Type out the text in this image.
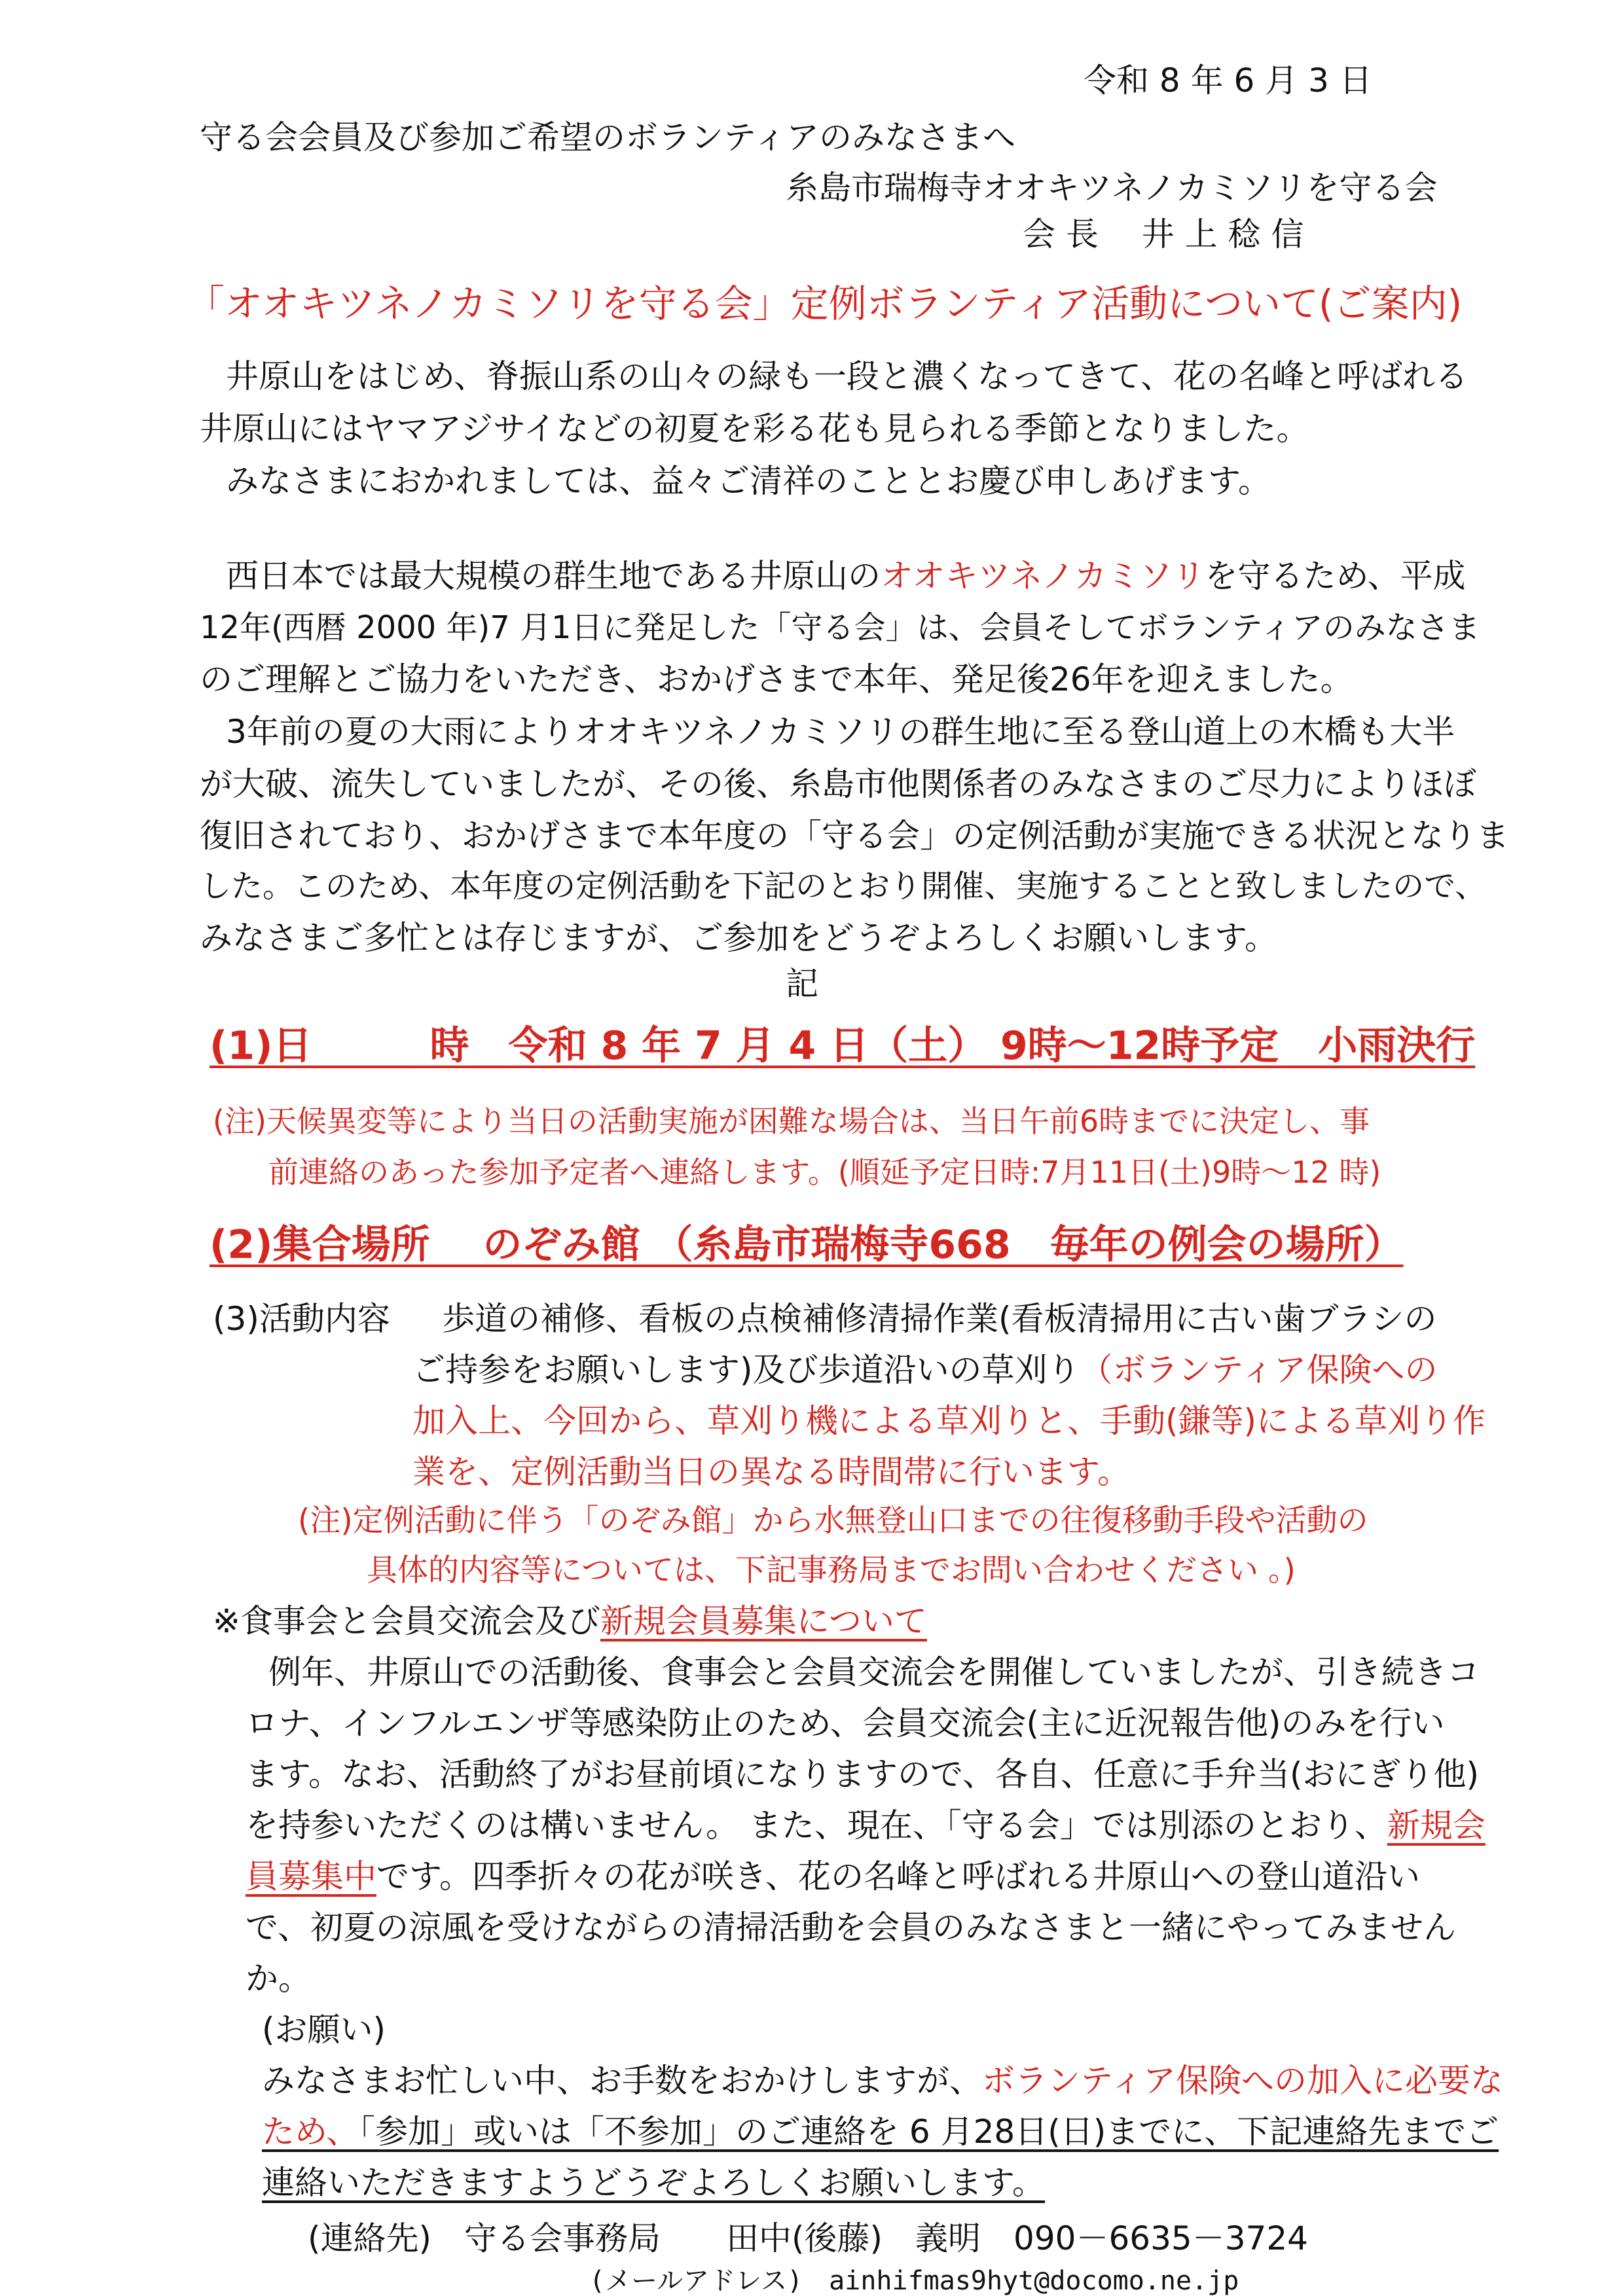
令和 8 年 6 月 3 日

守る会会員及び参加ご希望のボランティアのみなさまへ

糸島市瑞梅寺オオキツネノカミソリを守る会

会 長　 井 上 稔 信

「オオキツネノカミソリを守る会」定例ボランティア活動について(ご案内)

井原山をはじめ、脊振山系の山々の緑も一段と濃くなってきて、花の名峰と呼ばれる

井原山にはヤマアジサイなどの初夏を彩る花も見られる季節となりました。

みなさまにおかれましては、益々ご清祥のこととお慶び申しあげます。

西日本では最大規模の群生地である井原山のオオキツネノカミソリを守るため、平成

12年(西暦 2000 年)7 月1日に発足した「守る会」は、会員そしてボランティアのみなさま

のご理解とご協力をいただき、おかげさまで本年、発足後26年を迎えました。

3年前の夏の大雨によりオオキツネノカミソリの群生地に至る登山道上の木橋も大半

が大破、流失していましたが、その後、糸島市他関係者のみなさまのご尽力によりほぼ

復旧されており、おかげさまで本年度の「守る会」の定例活動が実施できる状況となりま

した。このため、本年度の定例活動を下記のとおり開催、実施することと致しましたので、

みなさまご多忙とは存じますが、ご参加をどうぞよろしくお願いします。

記

(1)日　　　時　 令和 8 年 7 月 4 日（土） 9時～12時予定　小雨決行

(注)天候異変等により当日の活動実施が困難な場合は、当日午前6時までに決定し、事

前連絡のあった参加予定者へ連絡します。(順延予定日時:7月11日(土)9時～12 時)

(2)集合場所　 のぞみ館 （糸島市瑞梅寺668　毎年の例会の場所）

(3)活動内容 歩道の補修、看板の点検補修清掃作業(看板清掃用に古い歯ブラシの

ご持参をお願いします)及び歩道沿いの草刈り（ボランティア保険への

加入上、今回から、草刈り機による草刈りと、手動(鎌等)による草刈り作

業を、定例活動当日の異なる時間帯に行います。

(注)定例活動に伴う「のぞみ館」から水無登山口までの往復移動手段や活動の

具体的内容等については、下記事務局までお問い合わせください 。)

※食事会と会員交流会及び新規会員募集について

例年、井原山での活動後、食事会と会員交流会を開催していましたが、引き続きコ

ロナ、インフルエンザ等感染防止のため、会員交流会(主に近況報告他)のみを行い

ます。なお、活動終了がお昼前頃になりますので、各自、任意に手弁当(おにぎり他)

を持参いただくのは構いません。 また、現在、「守る会」では別添のとおり、新規会

員募集中です。四季折々の花が咲き、花の名峰と呼ばれる井原山への登山道沿い

で、初夏の涼風を受けながらの清掃活動を会員のみなさまと一緒にやってみません

か。

(お願い)

みなさまお忙しい中、お手数をおかけしますが、ボランティア保険への加入に必要な

ため、「参加」或いは「不参加」のご連絡を 6 月28日(日)までに、下記連絡先までご

連絡いただきますようどうぞよろしくお願いします。

(連絡先)　守る会事務局　　田中(後藤)　義明　090－6635－3724

(メールアドレス)　 ainhifmas9hyt@docomo.ne.jp
